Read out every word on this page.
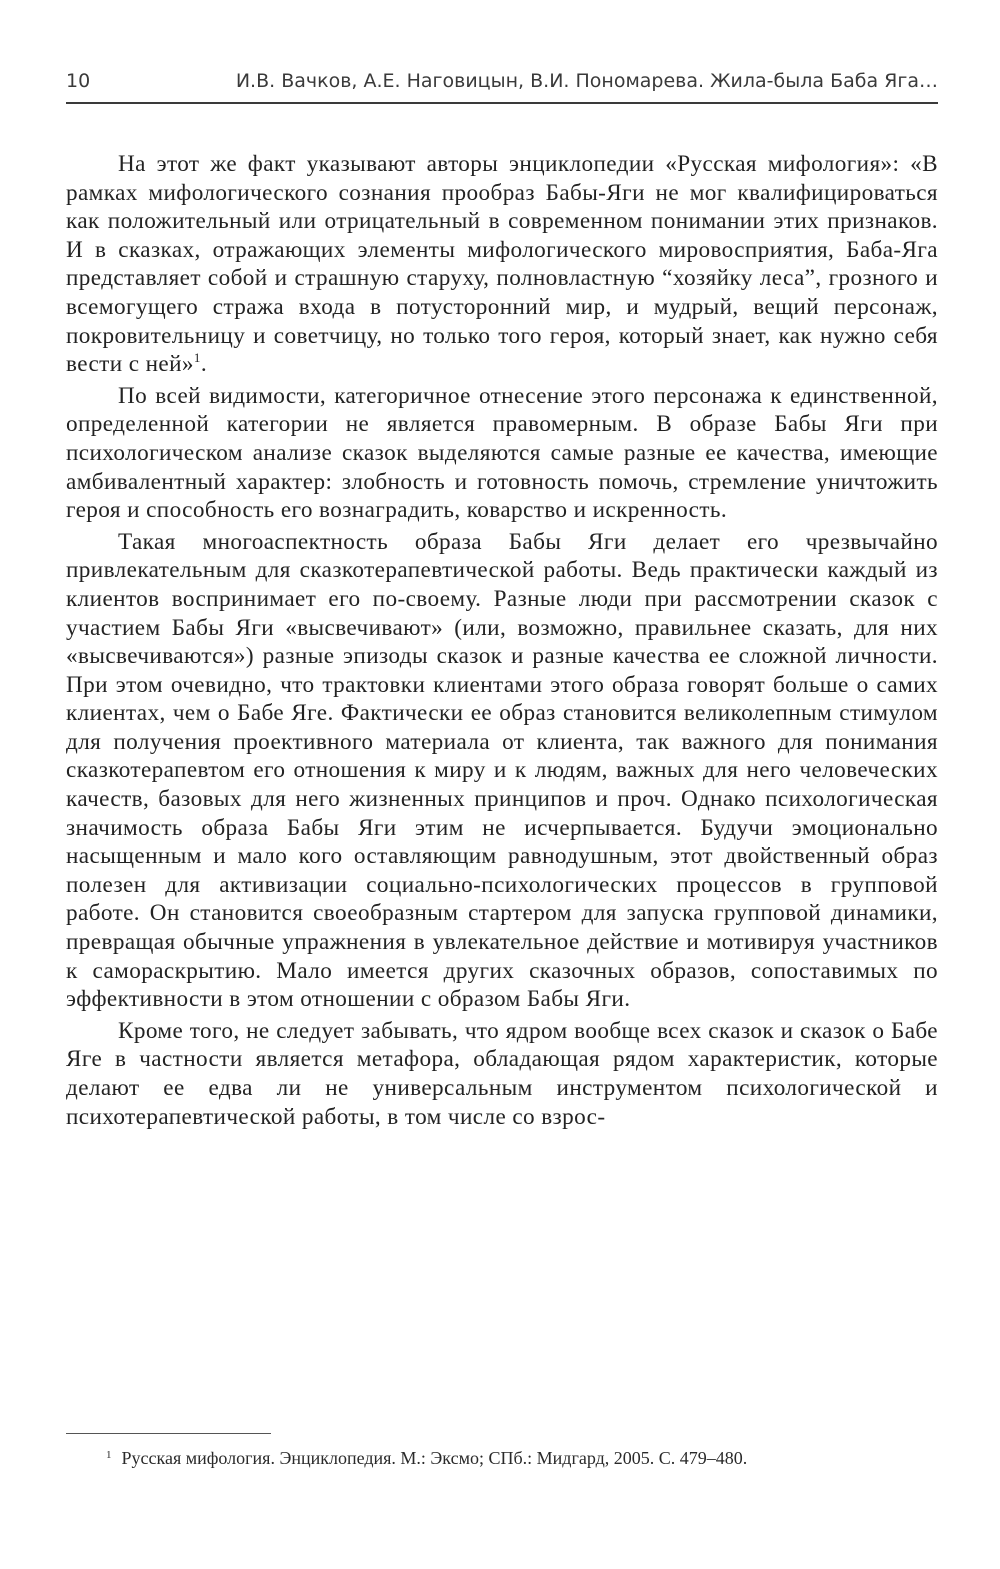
10	И.В. Вачков, А.Е. Наговицын, В.И. Пономарева. Жила-была Баба Яга…

На этот же факт указывают авторы энциклопедии «Русская мифология»: «В рамках мифологического сознания прообраз Бабы-Яги не мог квалифицироваться как положительный или отрицательный в современном понимании этих признаков. И в сказках, отражающих элементы мифологического мировосприятия, Баба-Яга представляет собой и страшную старуху, полновластную “хозяйку леса”, грозного и всемогущего стража входа в потусторонний мир, и мудрый, вещий персонаж, покровительницу и советчицу, но только того героя, который знает, как нужно себя вести с ней»$^1$.

По всей видимости, категоричное отнесение этого персонажа к единственной, определенной категории не является правомерным. В образе Бабы Яги при психологическом анализе сказок выделяются самые разные ее качества, имеющие амбивалентный характер: злобность и готовность помочь, стремление уничтожить героя и способность его вознаградить, коварство и искренность.

Такая многоаспектность образа Бабы Яги делает его чрезвычайно привлекательным для сказкотерапевтической работы. Ведь практически каждый из клиентов воспринимает его по-своему. Разные люди при рассмотрении сказок с участием Бабы Яги «высвечивают» (или, возможно, правильнее сказать, для них «высвечиваются») разные эпизоды сказок и разные качества ее сложной личности. При этом очевидно, что трактовки клиентами этого образа говорят больше о самих клиентах, чем о Бабе Яге. Фактически ее образ становится великолепным стимулом для получения проективного материала от клиента, так важного для понимания сказкотерапевтом его отношения к миру и к людям, важных для него человеческих качеств, базовых для него жизненных принципов и проч. Однако психологическая значимость образа Бабы Яги этим не исчерпывается. Будучи эмоционально насыщенным и мало кого оставляющим равнодушным, этот двойственный образ полезен для активизации социально-психологических процессов в групповой работе. Он становится своеобразным стартером для запуска групповой динамики, превращая обычные упражнения в увлекательное действие и мотивируя участников к самораскрытию. Мало имеется других сказочных образов, сопоставимых по эффективности в этом отношении с образом Бабы Яги.

Кроме того, не следует забывать, что ядром вообще всех сказок и сказок о Бабе Яге в частности является метафора, обладающая рядом характеристик, которые делают ее едва ли не универсальным инструментом психологической и психотерапевтической работы, в том числе со взрос-

$^1$ Русская мифология. Энциклопедия. М.: Эксмо; СПб.: Мидгард, 2005. С. 479–480.
